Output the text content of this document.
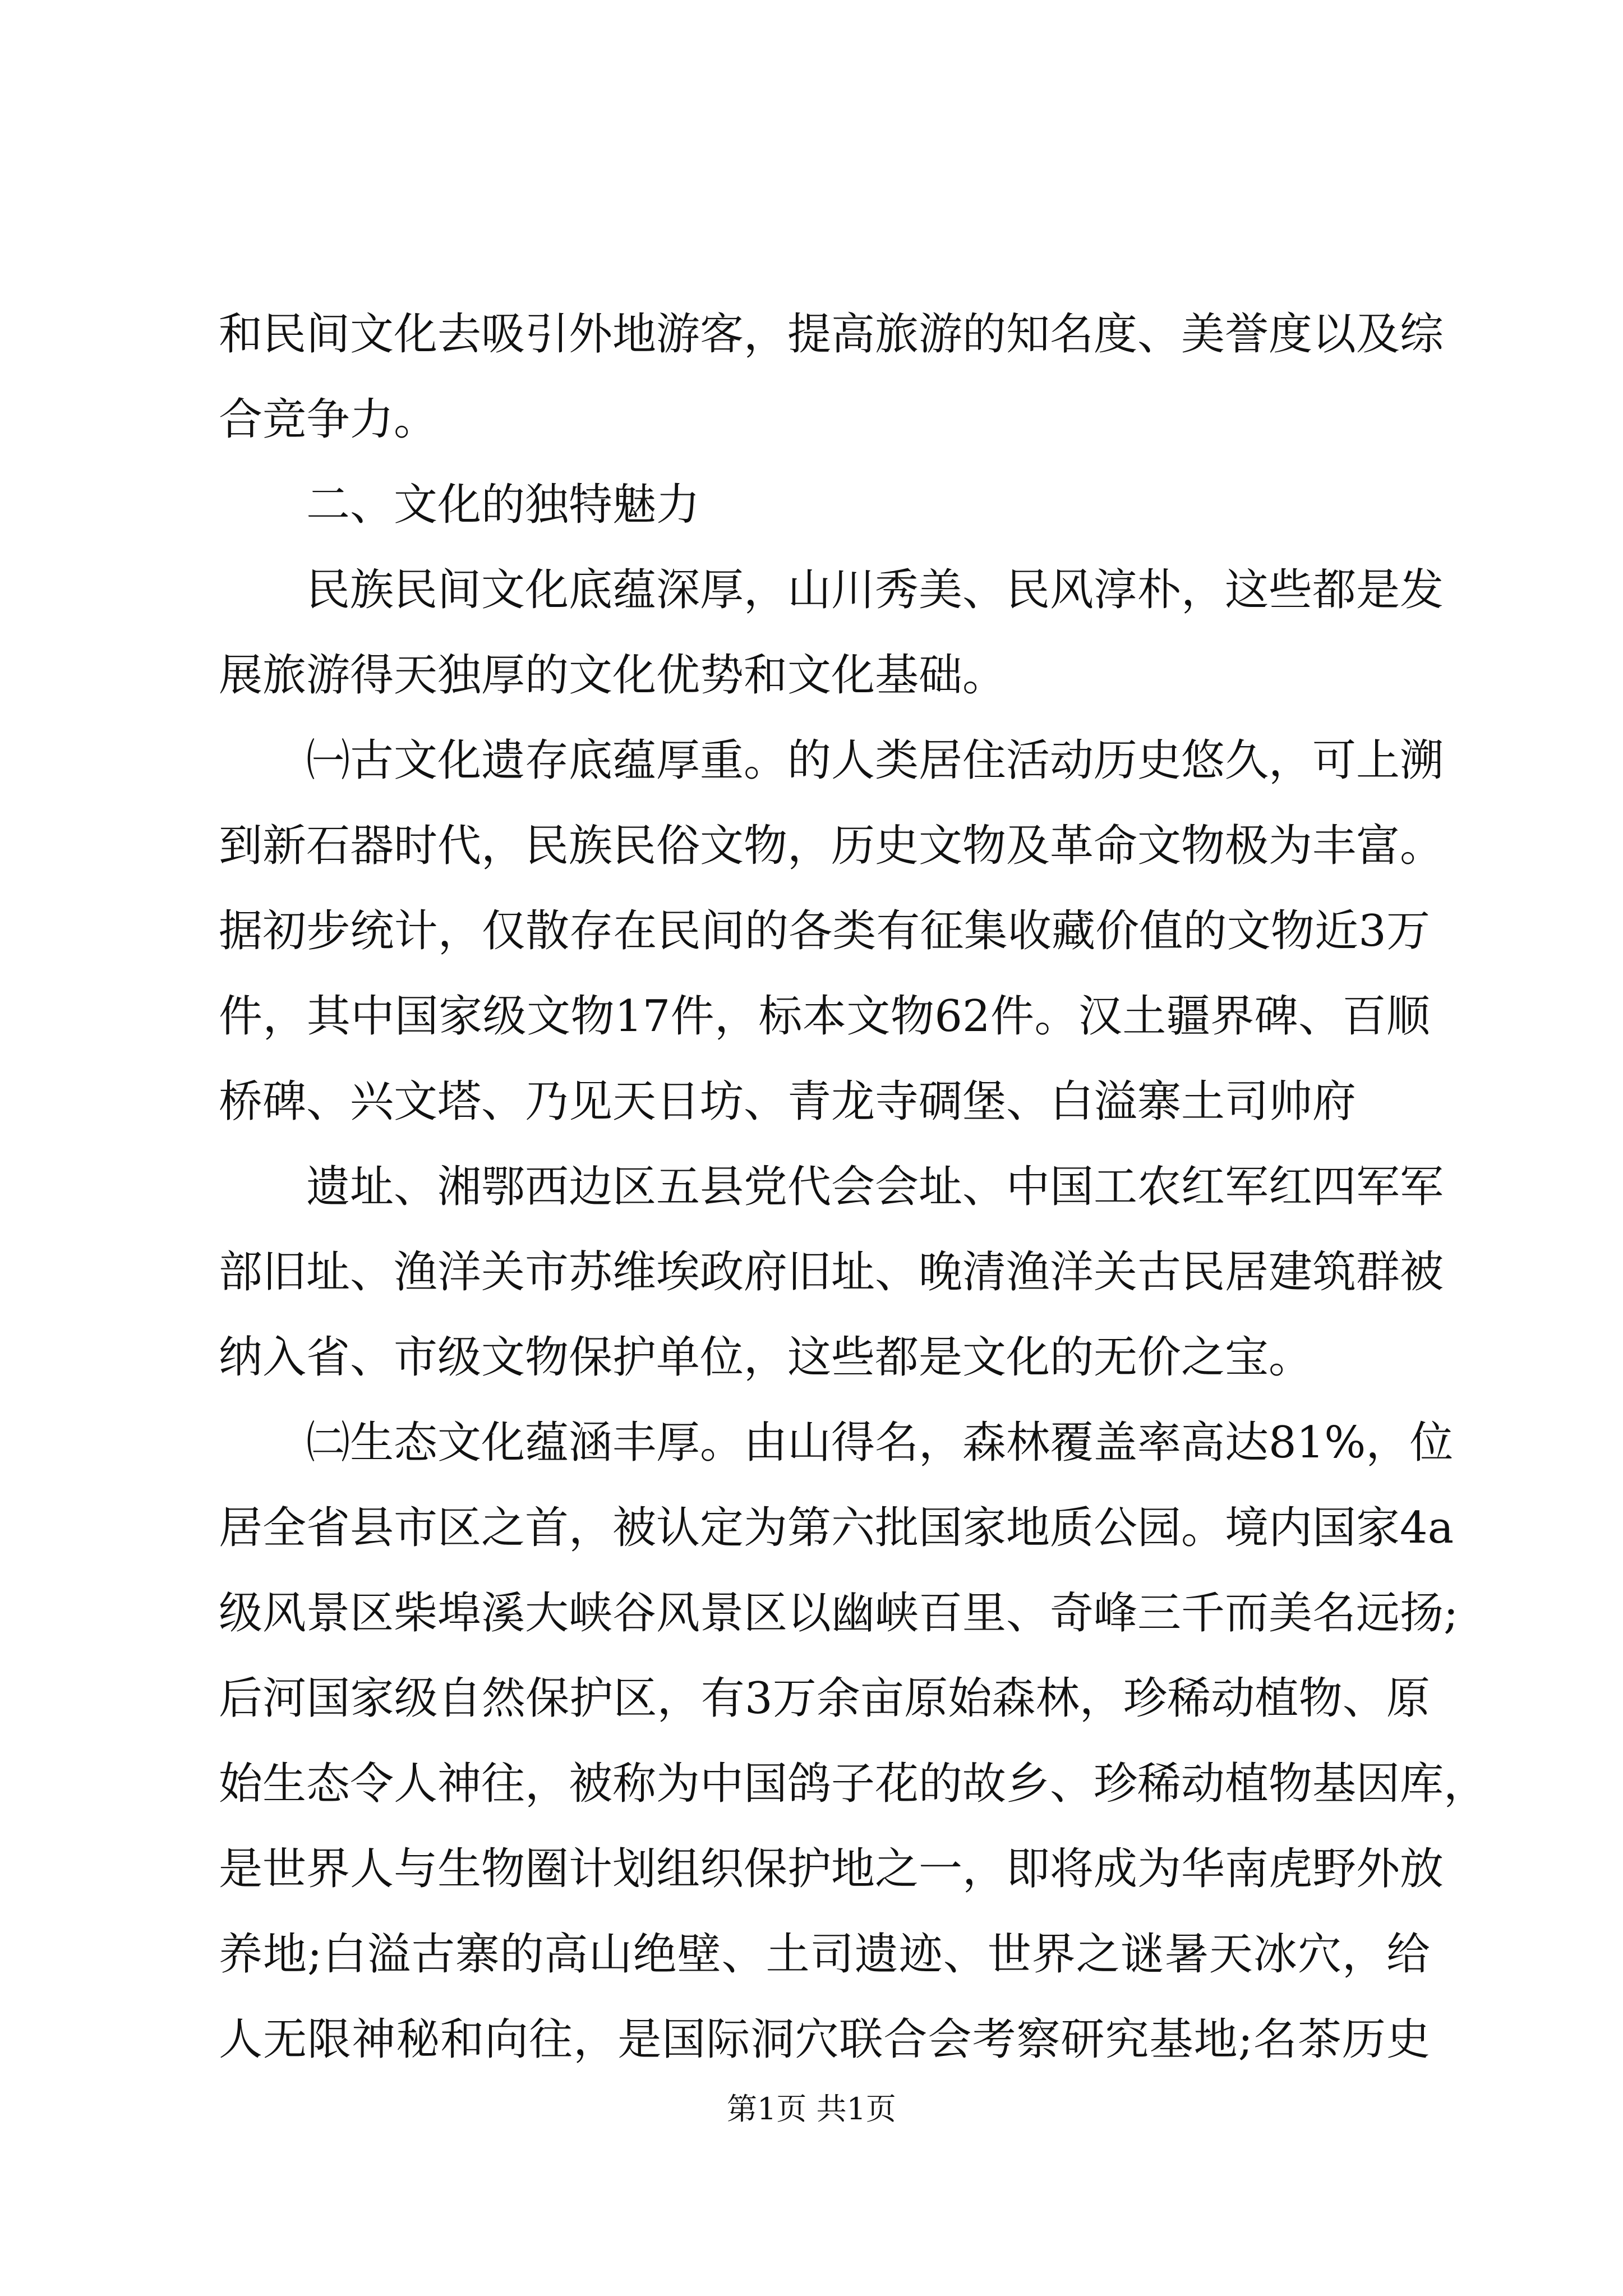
和民间文化去吸引外地游客，提高旅游的知名度、美誉度以及综
合竞争力。
二、文化的独特魅力
民族民间文化底蕴深厚，山川秀美、民风淳朴，这些都是发
展旅游得天独厚的文化优势和文化基础。
㈠古文化遗存底蕴厚重。的人类居住活动历史悠久，可上溯
到新石器时代，民族民俗文物，历史文物及革命文物极为丰富。
据初步统计，仅散存在民间的各类有征集收藏价值的文物近3万
件，其中国家级文物17件，标本文物62件。汉土疆界碑、百顺
桥碑、兴文塔、乃见天日坊、青龙寺碉堡、白溢寨土司帅府
遗址、湘鄂西边区五县党代会会址、中国工农红军红四军军
部旧址、渔洋关市苏维埃政府旧址、晚清渔洋关古民居建筑群被
纳入省、市级文物保护单位，这些都是文化的无价之宝。
㈡生态文化蕴涵丰厚。由山得名，森林覆盖率高达81%，位
居全省县市区之首，被认定为第六批国家地质公园。境内国家4a
级风景区柴埠溪大峡谷风景区以幽峡百里、奇峰三千而美名远扬;
后河国家级自然保护区，有3万余亩原始森林，珍稀动植物、原
始生态令人神往，被称为中国鸽子花的故乡、珍稀动植物基因库，
是世界人与生物圈计划组织保护地之一，即将成为华南虎野外放
养地;白溢古寨的高山绝壁、土司遗迹、世界之谜暑天冰穴，给
人无限神秘和向往，是国际洞穴联合会考察研究基地;名茶历史
第1页 共1页
